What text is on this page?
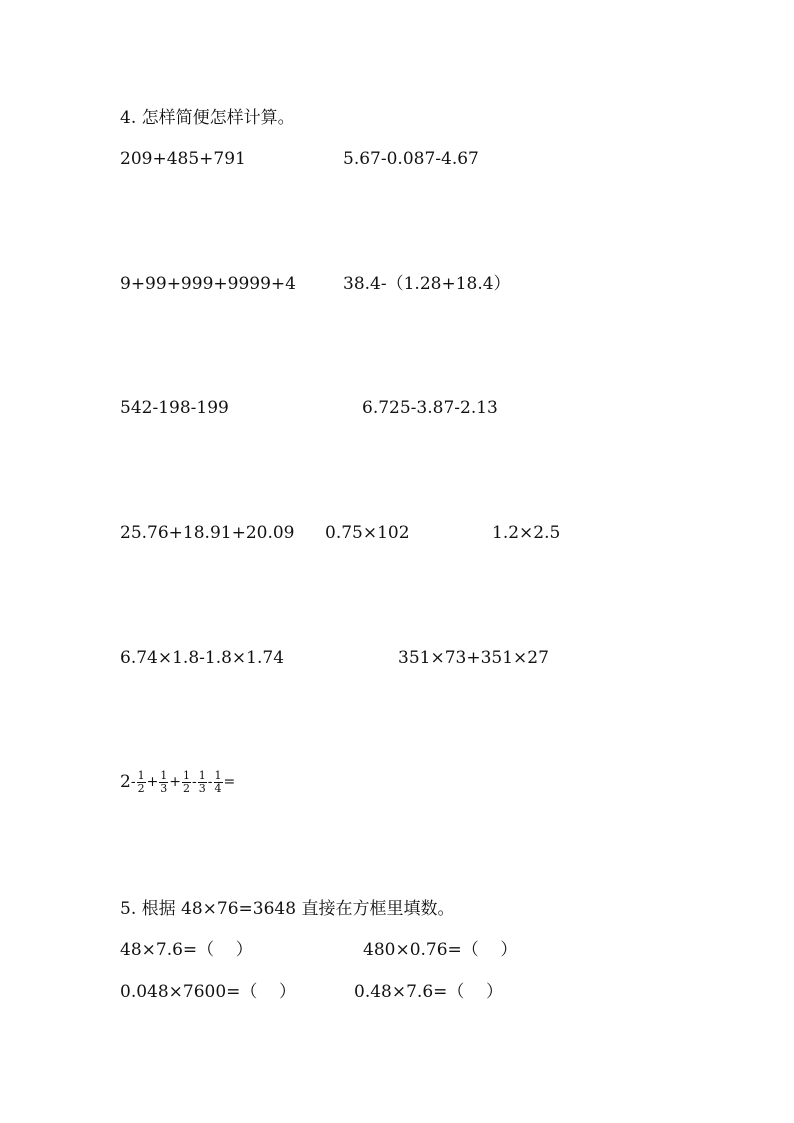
4. 怎样简便怎样计算。
209+485+791	5.67-0.087-4.67
9+99+999+9999+4	38.4-（1.28+18.4）
542-198-199	6.725-3.87-2.13
25.76+18.91+20.09 0.75×102	1.2×2.5
6.74×1.8-1.8×1.74	351×73+351×27
$2 - \frac{1}{2} + \frac{1}{3} + \frac{1}{2} - \frac{1}{3} - \frac{1}{4}$ =
5. 根据 48×76=3648 直接在方框里填数。
48×7.6=（    ）	480×0.76=（    ）
0.048×7600=（    ）	0.48×7.6=（    ）
